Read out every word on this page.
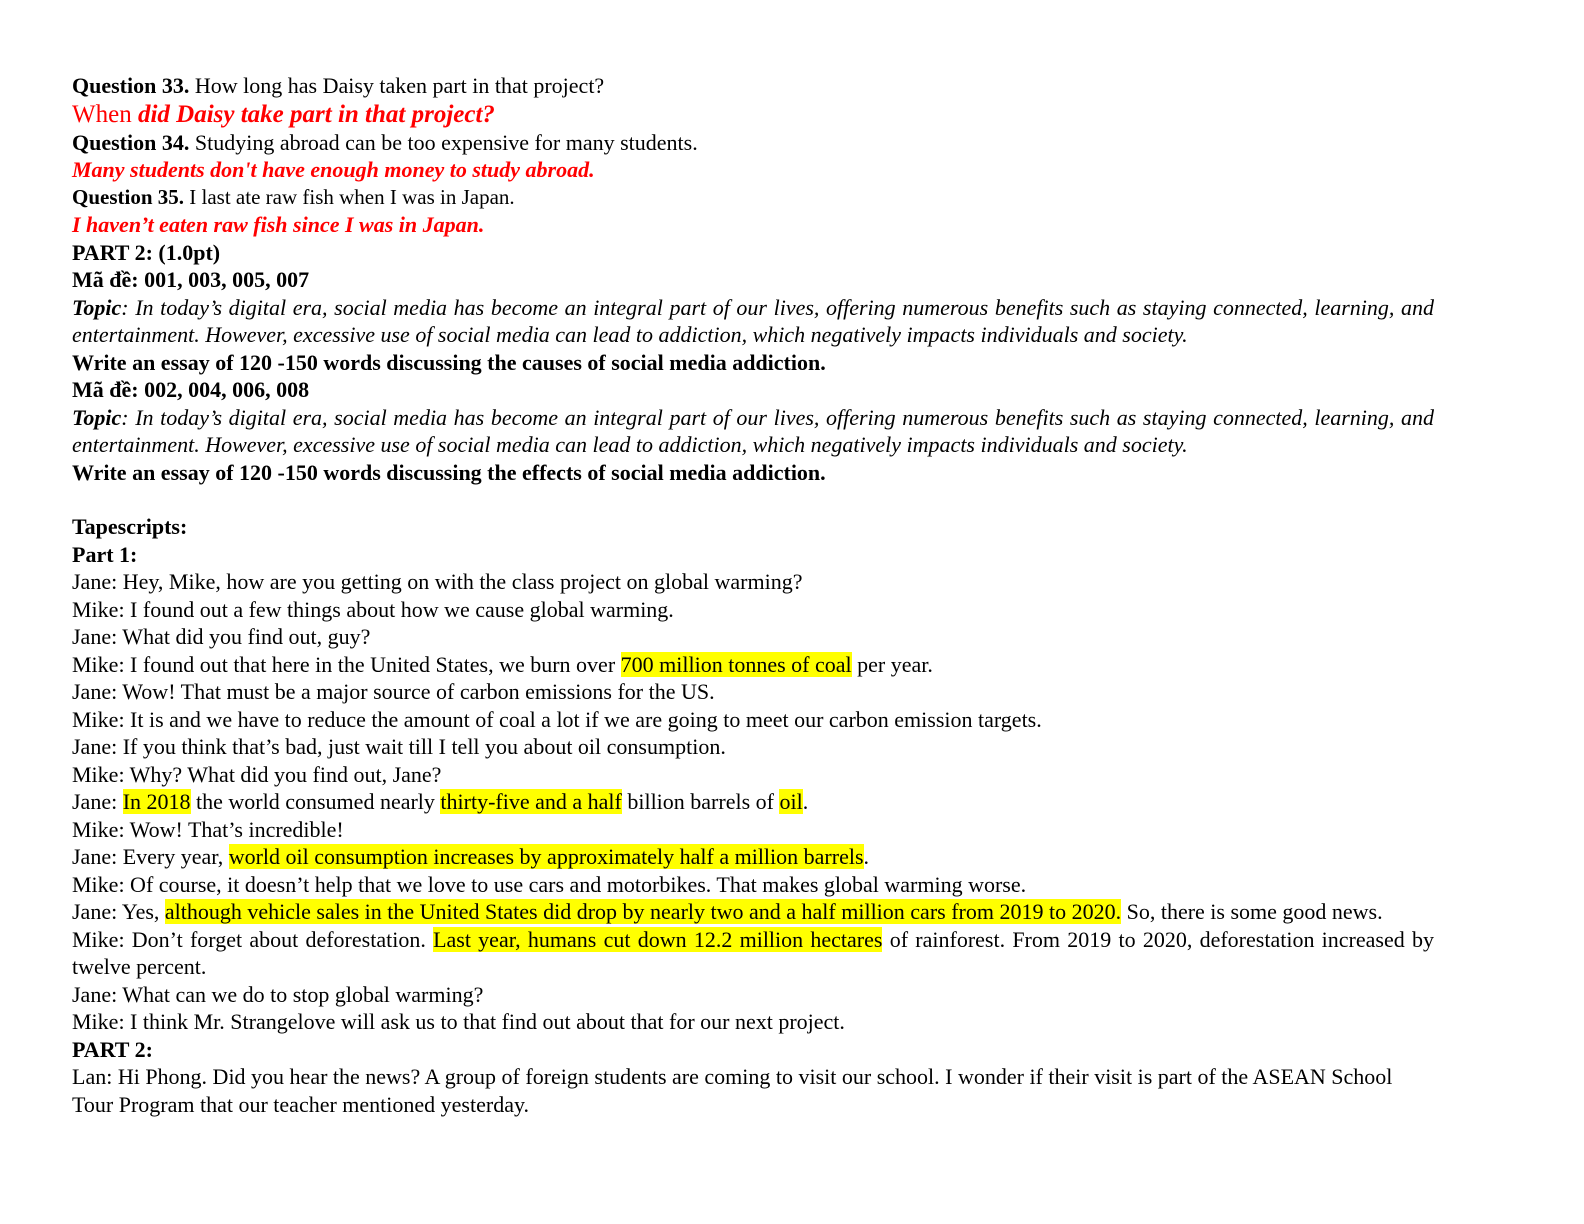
Question 33. How long has Daisy taken part in that project?

When did Daisy take part in that project?

Question 34. Studying abroad can be too expensive for many students.

Many students don't have enough money to study abroad.

Question 35. I last ate raw fish when I was in Japan.

I haven’t eaten raw fish since I was in Japan.

PART 2: (1.0pt)

Mã đề: 001, 003, 005, 007

Topic: In today’s digital era, social media has become an integral part of our lives, offering numerous benefits such as staying connected, learning, and entertainment. However, excessive use of social media can lead to addiction, which negatively impacts individuals and society.

Write an essay of 120 -150 words discussing the causes of social media addiction.

Mã đề: 002, 004, 006, 008

Topic: In today’s digital era, social media has become an integral part of our lives, offering numerous benefits such as staying connected, learning, and entertainment. However, excessive use of social media can lead to addiction, which negatively impacts individuals and society.

Write an essay of 120 -150 words discussing the effects of social media addiction.

Tapescripts:

Part 1:

Jane: Hey, Mike, how are you getting on with the class project on global warming?

Mike: I found out a few things about how we cause global warming.

Jane: What did you find out, guy?

Mike: I found out that here in the United States, we burn over 700 million tonnes of coal per year.

Jane: Wow! That must be a major source of carbon emissions for the US.

Mike: It is and we have to reduce the amount of coal a lot if we are going to meet our carbon emission targets.

Jane: If you think that’s bad, just wait till I tell you about oil consumption.

Mike: Why? What did you find out, Jane?

Jane: In 2018 the world consumed nearly thirty-five and a half billion barrels of oil.

Mike: Wow! That’s incredible!

Jane: Every year, world oil consumption increases by approximately half a million barrels.

Mike: Of course, it doesn’t help that we love to use cars and motorbikes. That makes global warming worse.

Jane: Yes, although vehicle sales in the United States did drop by nearly two and a half million cars from 2019 to 2020. So, there is some good news.

Mike: Don’t forget about deforestation. Last year, humans cut down 12.2 million hectares of rainforest. From 2019 to 2020, deforestation increased by twelve percent.

Jane: What can we do to stop global warming?

Mike: I think Mr. Strangelove will ask us to that find out about that for our next project.

PART 2:

Lan: Hi Phong. Did you hear the news? A group of foreign students are coming to visit our school. I wonder if their visit is part of the ASEAN School Tour Program that our teacher mentioned yesterday.
